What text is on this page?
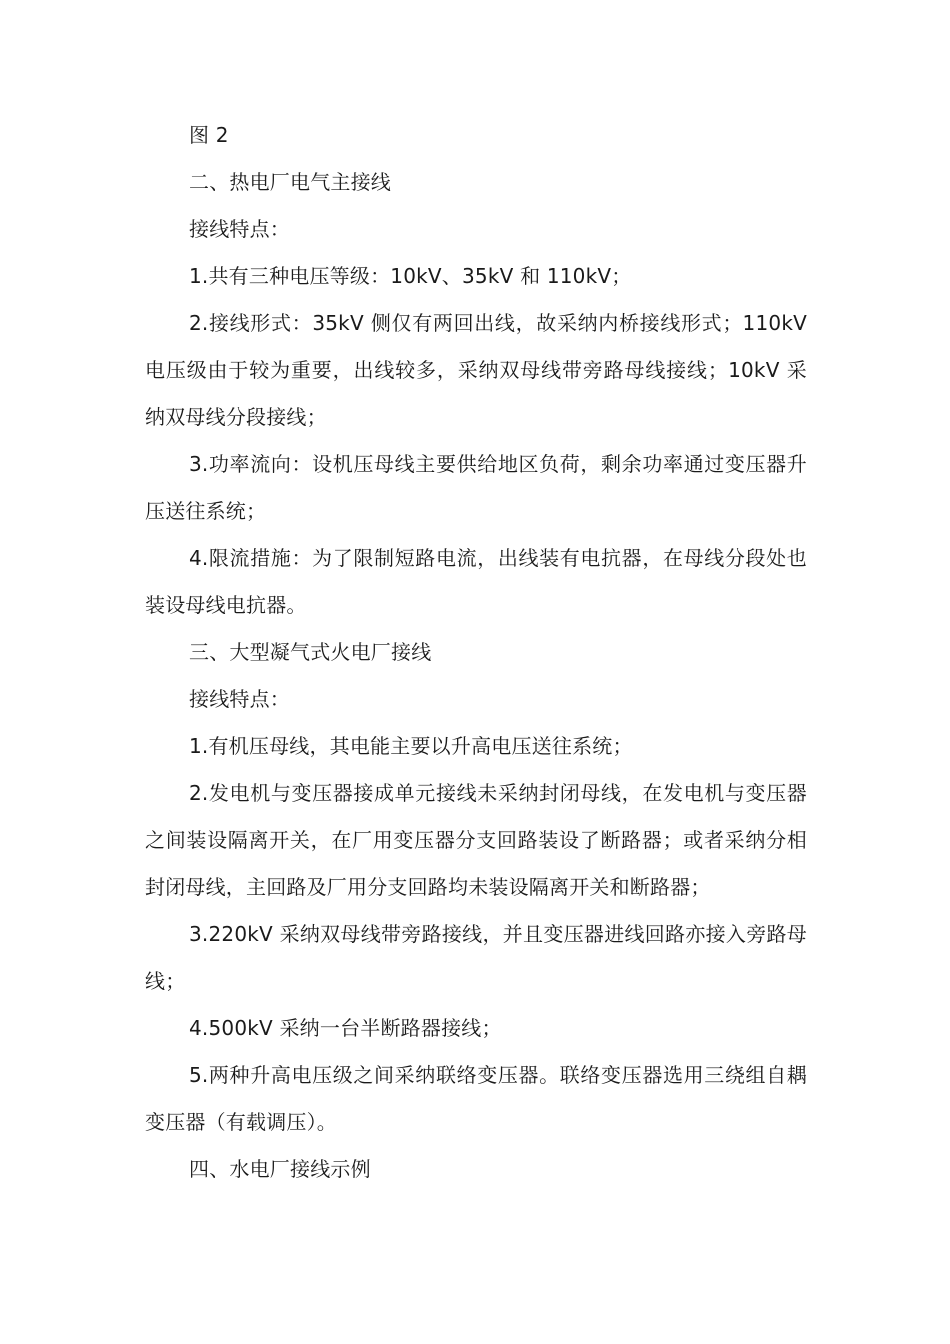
图 2

二、热电厂电气主接线

接线特点：

1.共有三种电压等级：10kV、35kV 和 110kV；

2.接线形式：35kV 侧仅有两回出线，故采纳内桥接线形式；110kV 电压级由于较为重要，出线较多，采纳双母线带旁路母线接线；10kV 采纳双母线分段接线；

3.功率流向：设机压母线主要供给地区负荷，剩余功率通过变压器升压送往系统；

4.限流措施：为了限制短路电流，出线装有电抗器，在母线分段处也装设母线电抗器。

三、大型凝气式火电厂接线

接线特点：

1.有机压母线，其电能主要以升高电压送往系统；

2.发电机与变压器接成单元接线未采纳封闭母线，在发电机与变压器之间装设隔离开关，在厂用变压器分支回路装设了断路器；或者采纳分相封闭母线，主回路及厂用分支回路均未装设隔离开关和断路器；

3.220kV 采纳双母线带旁路接线，并且变压器进线回路亦接入旁路母线；

4.500kV 采纳一台半断路器接线；

5.两种升高电压级之间采纳联络变压器。联络变压器选用三绕组自耦变压器（有载调压）。

四、水电厂接线示例
